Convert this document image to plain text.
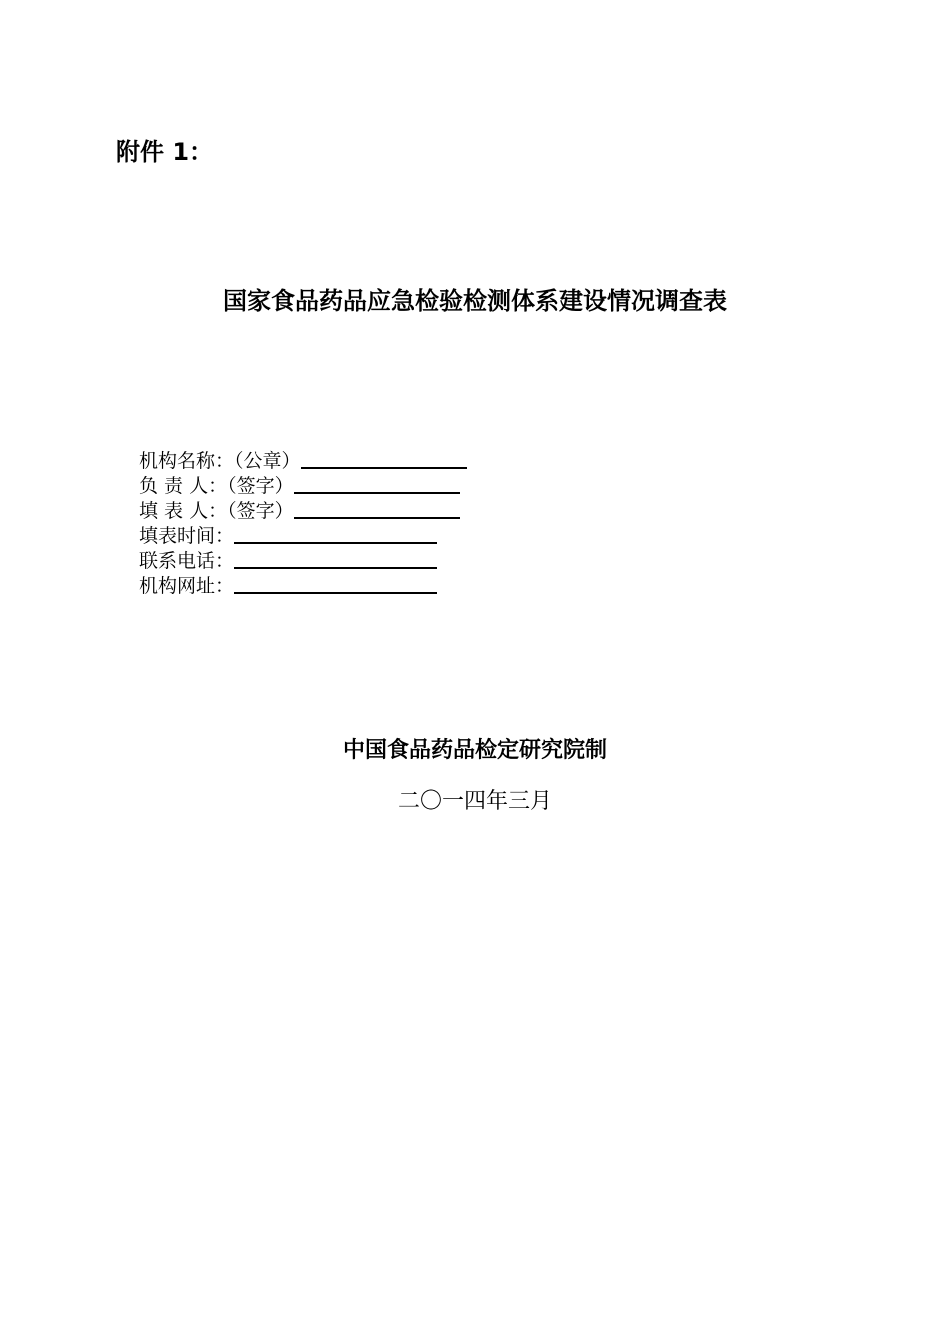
附件 1：
国家食品药品应急检验检测体系建设情况调查表
机构名称：（公章）
负 责 人：（签字）
填 表 人：（签字）
填表时间：
联系电话：
机构网址：
中国食品药品检定研究院制
二〇一四年三月
